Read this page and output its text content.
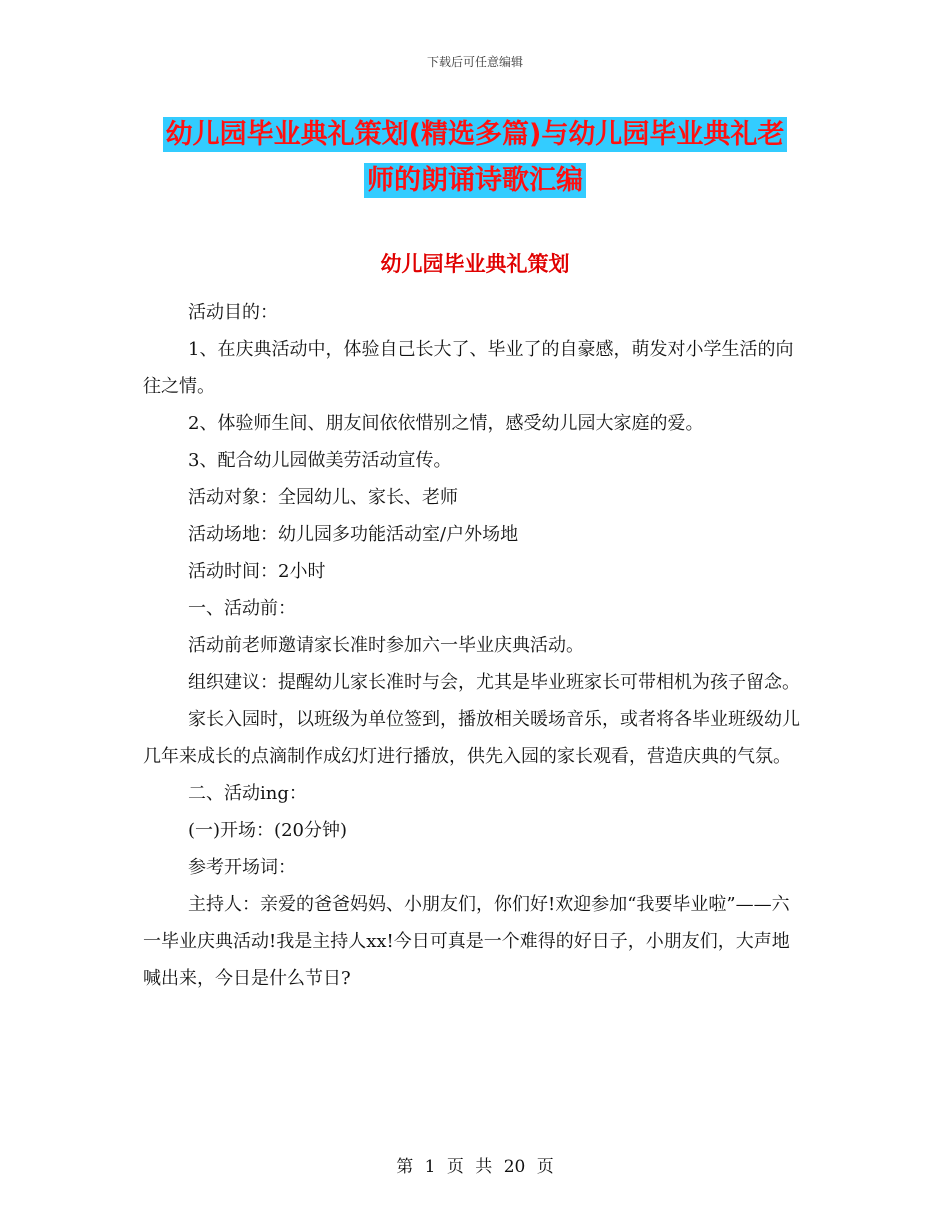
下载后可任意编辑
幼儿园毕业典礼策划(精选多篇)与幼儿园毕业典礼老
师的朗诵诗歌汇编
幼儿园毕业典礼策划

活动目的：

1、在庆典活动中，体验自己长大了、毕业了的自豪感，萌发对小学生活的向往之情。

2、体验师生间、朋友间依依惜别之情，感受幼儿园大家庭的爱。

3、配合幼儿园做美劳活动宣传。

活动对象：全园幼儿、家长、老师

活动场地：幼儿园多功能活动室/户外场地

活动时间：2小时

一、活动前：

活动前老师邀请家长准时参加六一毕业庆典活动。

组织建议：提醒幼儿家长准时与会，尤其是毕业班家长可带相机为孩子留念。

家长入园时，以班级为单位签到，播放相关暖场音乐，或者将各毕业班级幼儿几年来成长的点滴制作成幻灯进行播放，供先入园的家长观看，营造庆典的气氛。

二、活动ing：

(一)开场：(20分钟)

参考开场词：

主持人：亲爱的爸爸妈妈、小朋友们，你们好!欢迎参加“我要毕业啦”——六一毕业庆典活动!我是主持人xx!今日可真是一个难得的好日子，小朋友们，大声地喊出来，今日是什么节日?

第 1 页 共 20 页
